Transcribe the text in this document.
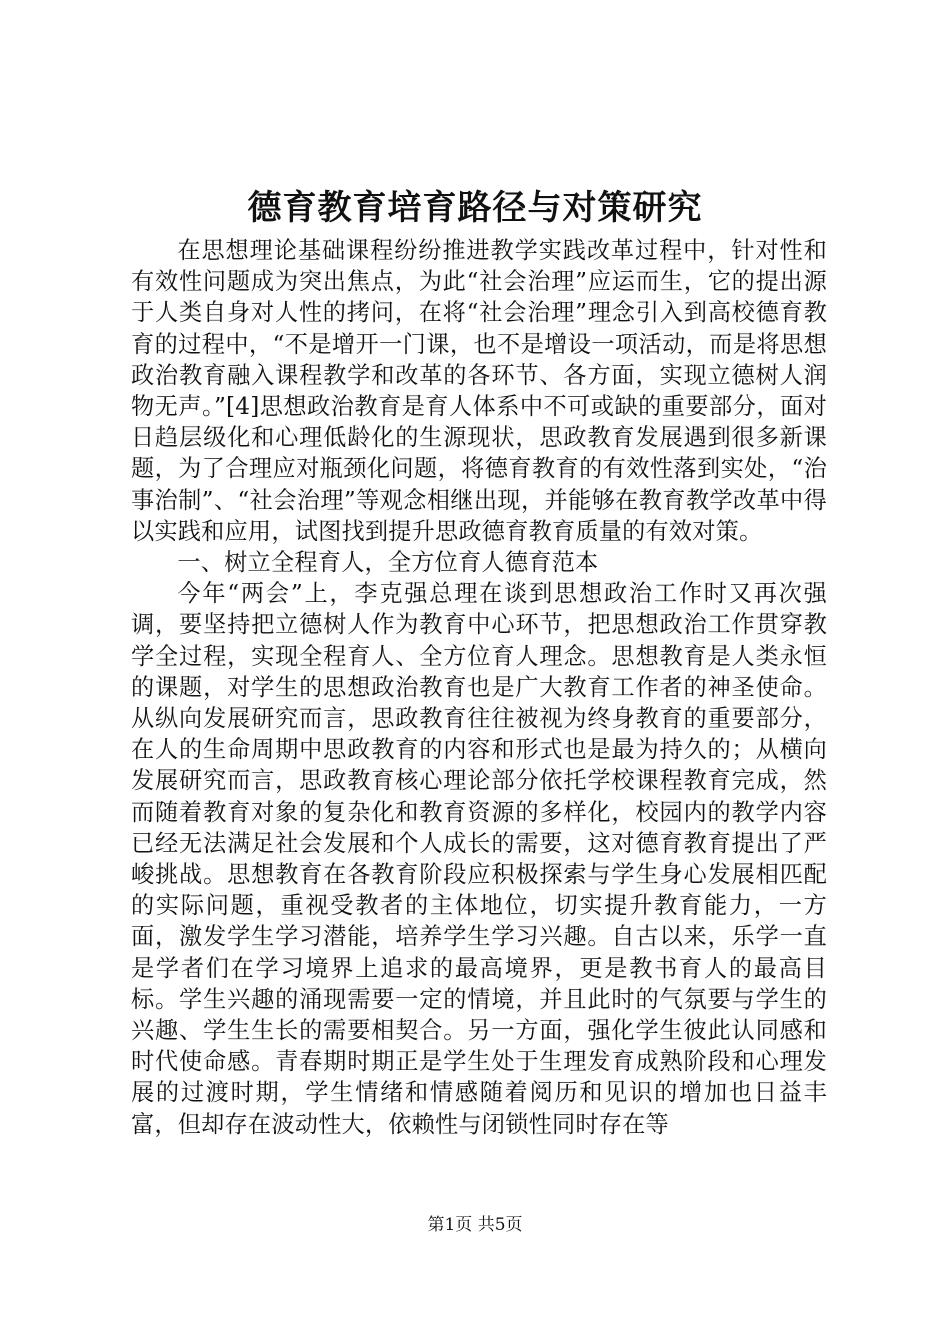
德育教育培育路径与对策研究

在思想理论基础课程纷纷推进教学实践改革过程中，针对性和有效性问题成为突出焦点，为此“社会治理”应运而生，它的提出源于人类自身对人性的拷问，在将“社会治理”理念引入到高校德育教育的过程中，“不是增开一门课，也不是增设一项活动，而是将思想政治教育融入课程教学和改革的各环节、各方面，实现立德树人润物无声。”[4]思想政治教育是育人体系中不可或缺的重要部分，面对日趋层级化和心理低龄化的生源现状，思政教育发展遇到很多新课题，为了合理应对瓶颈化问题，将德育教育的有效性落到实处，“治事治制”、“社会治理”等观念相继出现，并能够在教育教学改革中得以实践和应用，试图找到提升思政德育教育质量的有效对策。

一、树立全程育人，全方位育人德育范本

今年“两会”上，李克强总理在谈到思想政治工作时又再次强调，要坚持把立德树人作为教育中心环节，把思想政治工作贯穿教学全过程，实现全程育人、全方位育人理念。思想教育是人类永恒的课题，对学生的思想政治教育也是广大教育工作者的神圣使命。从纵向发展研究而言，思政教育往往被视为终身教育的重要部分，在人的生命周期中思政教育的内容和形式也是最为持久的；从横向发展研究而言，思政教育核心理论部分依托学校课程教育完成，然而随着教育对象的复杂化和教育资源的多样化，校园内的教学内容已经无法满足社会发展和个人成长的需要，这对德育教育提出了严峻挑战。思想教育在各教育阶段应积极探索与学生身心发展相匹配的实际问题，重视受教者的主体地位，切实提升教育能力，一方面，激发学生学习潜能，培养学生学习兴趣。自古以来，乐学一直是学者们在学习境界上追求的最高境界，更是教书育人的最高目标。学生兴趣的涌现需要一定的情境，并且此时的气氛要与学生的兴趣、学生生长的需要相契合。另一方面，强化学生彼此认同感和时代使命感。青春期时期正是学生处于生理发育成熟阶段和心理发展的过渡时期，学生情绪和情感随着阅历和见识的增加也日益丰富，但却存在波动性大，依赖性与闭锁性同时存在等

第1页 共5页
